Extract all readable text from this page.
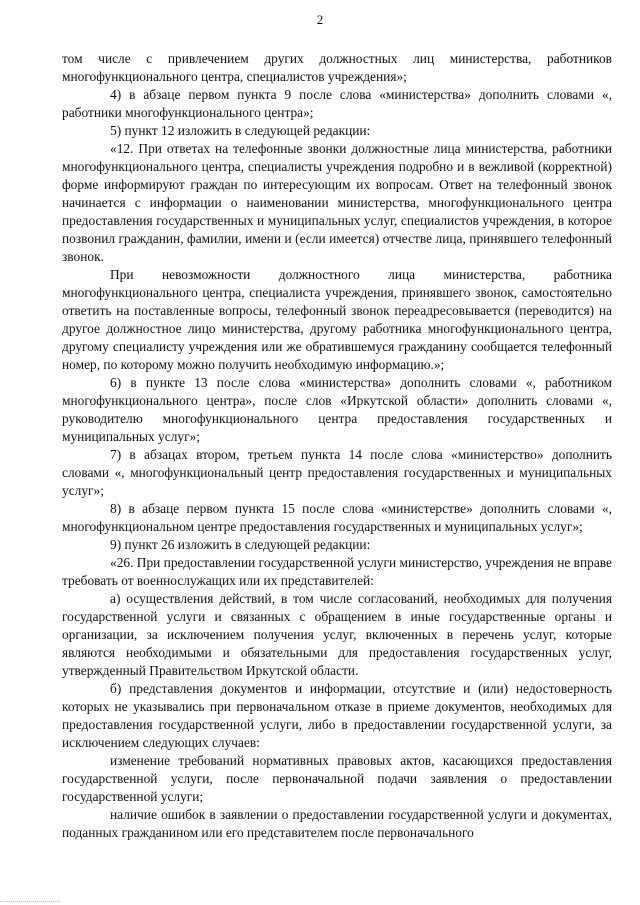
2

том числе с привлечением других должностных лиц министерства, работников многофункционального центра, специалистов учреждения»;

4) в абзаце первом пункта 9 после слова «министерства» дополнить словами «, работники многофункционального центра»;

5) пункт 12 изложить в следующей редакции:

«12. При ответах на телефонные звонки должностные лица министерства, работники многофункционального центра, специалисты учреждения подробно и в вежливой (корректной) форме информируют граждан по интересующим их вопросам. Ответ на телефонный звонок начинается с информации о наименовании министерства, многофункционального центра предоставления государственных и муниципальных услуг, специалистов учреждения, в которое позвонил гражданин, фамилии, имени и (если имеется) отчестве лица, принявшего телефонный звонок.

При невозможности должностного лица министерства, работника многофункционального центра, специалиста учреждения, принявшего звонок, самостоятельно ответить на поставленные вопросы, телефонный звонок переадресовывается (переводится) на другое должностное лицо министерства, другому работника многофункционального центра, другому специалисту учреждения или же обратившемуся гражданину сообщается телефонный номер, по которому можно получить необходимую информацию.»;

6) в пункте 13 после слова «министерства» дополнить словами «, работником многофункционального центра», после слов «Иркутской области» дополнить словами «, руководителю многофункционального центра предоставления государственных и муниципальных услуг»;

7) в абзацах втором, третьем пункта 14 после слова «министерство» дополнить словами «, многофункциональный центр предоставления государственных и муниципальных услуг»;

8) в абзаце первом пункта 15 после слова «министерстве» дополнить словами «, многофункциональном центре предоставления государственных и муниципальных услуг»;

9) пункт 26 изложить в следующей редакции:

«26. При предоставлении государственной услуги министерство, учреждения не вправе требовать от военнослужащих или их представителей:

а) осуществления действий, в том числе согласований, необходимых для получения государственной услуги и связанных с обращением в иные государственные органы и организации, за исключением получения услуг, включенных в перечень услуг, которые являются необходимыми и обязательными для предоставления государственных услуг, утвержденный Правительством Иркутской области.

б) представления документов и информации, отсутствие и (или) недостоверность которых не указывались при первоначальном отказе в приеме документов, необходимых для предоставления государственной услуги, либо в предоставлении государственной услуги, за исключением следующих случаев:

изменение требований нормативных правовых актов, касающихся предоставления государственной услуги, после первоначальной подачи заявления о предоставлении государственной услуги;

наличие ошибок в заявлении о предоставлении государственной услуги и документах, поданных гражданином или его представителем после первоначального
